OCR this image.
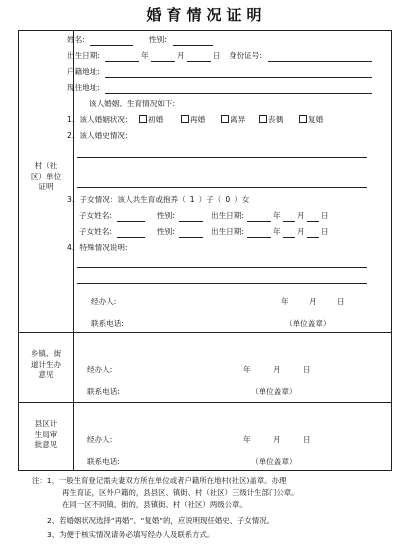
婚育情况证明
村（社
区）单位
证明
姓名:	性别:
出生日期:	年	月	日 身份证号:
户籍地址:
现住地址:
该人婚姻、生育情况如下:
1、该人婚姻状况:	初婚	再婚	离异	丧偶	复婚
2、该人婚史情况:
3、子女情况：该人共生育或抱养（ 1 ）子（ 0 ）女
子女姓名:	性别:	出生日期:	年 月 日
子女姓名:	性别:	出生日期:	年 月 日
4、特殊情况说明:
经办人:	年	月	日
联系电话:	（单位盖章）
乡镇、街
道计生办
意见
经办人:	年	月	日
联系电话:	（单位盖章）
县区计
生局审
批意见
经办人:	年	月	日
联系电话:	（单位盖章）
注：1、一般生育登记需夫妻双方所在单位或者户籍所在地村(社区)盖章。办理
再生育证，区外户籍的，县县区、镇街、村（社区）三级计生部门公章。
在同一区不同镇、街的，县镇街、村（社区）两级公章。
2、若婚姻状况选择“再婚”、“复婚”的，应说明现任婚史、子女情况。
3、为便于核实情况请务必填写经办人及联系方式。
